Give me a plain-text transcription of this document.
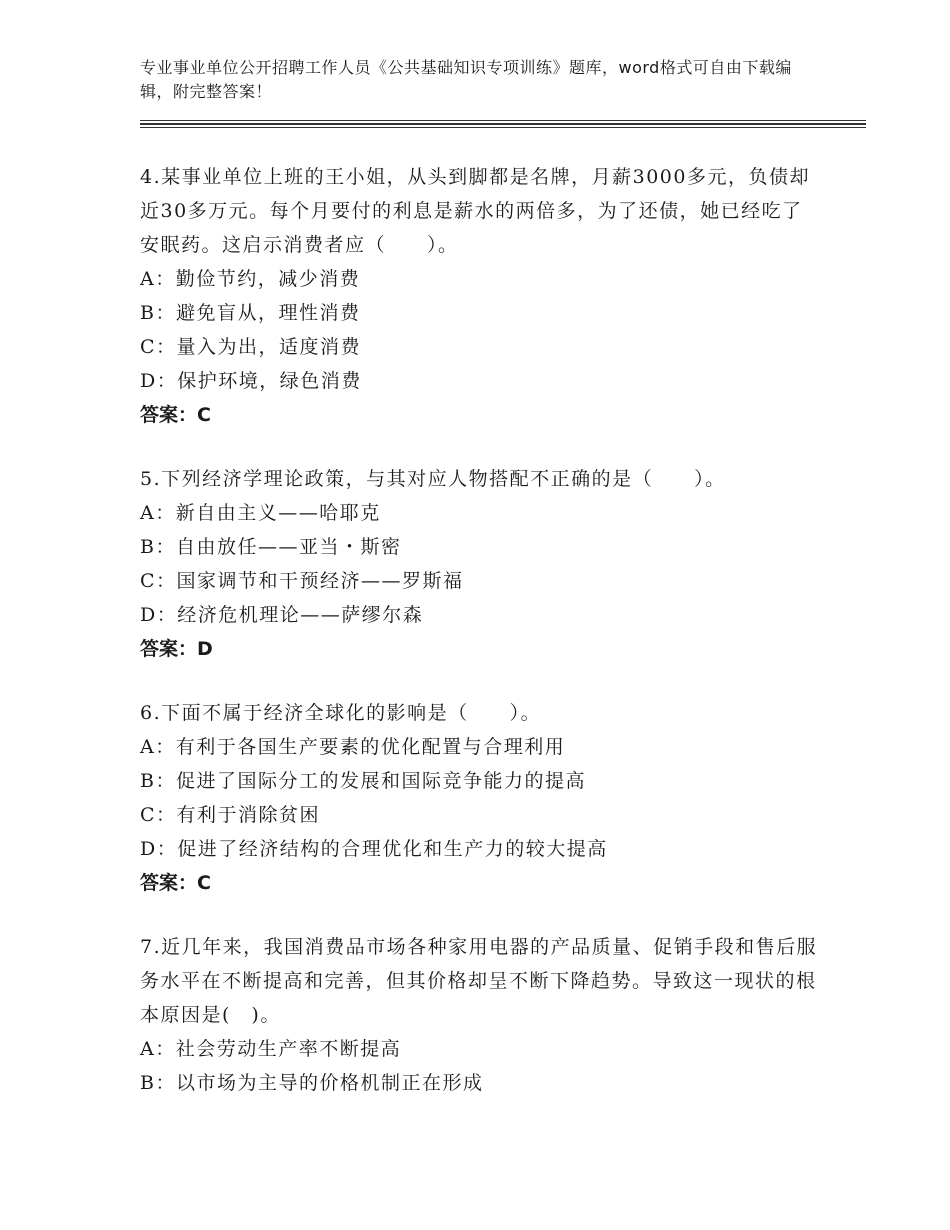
专业事业单位公开招聘工作人员《公共基础知识专项训练》题库，word格式可自由下载编辑，附完整答案！

4.某事业单位上班的王小姐，从头到脚都是名牌，月薪3000多元，负债却近30多万元。每个月要付的利息是薪水的两倍多，为了还债，她已经吃了安眠药。这启示消费者应（　　）。

A：勤俭节约，减少消费

B：避免盲从，理性消费

C：量入为出，适度消费

D：保护环境，绿色消费

答案：C

5.下列经济学理论政策，与其对应人物搭配不正确的是（　　）。

A：新自由主义——哈耶克

B：自由放任——亚当・斯密

C：国家调节和干预经济——罗斯福

D：经济危机理论——萨缪尔森

答案：D

6.下面不属于经济全球化的影响是（　　）。

A：有利于各国生产要素的优化配置与合理利用

B：促进了国际分工的发展和国际竞争能力的提高

C：有利于消除贫困

D：促进了经济结构的合理优化和生产力的较大提高

答案：C

7.近几年来，我国消费品市场各种家用电器的产品质量、促销手段和售后服务水平在不断提高和完善，但其价格却呈不断下降趋势。导致这一现状的根本原因是(　)。

A：社会劳动生产率不断提高

B：以市场为主导的价格机制正在形成
